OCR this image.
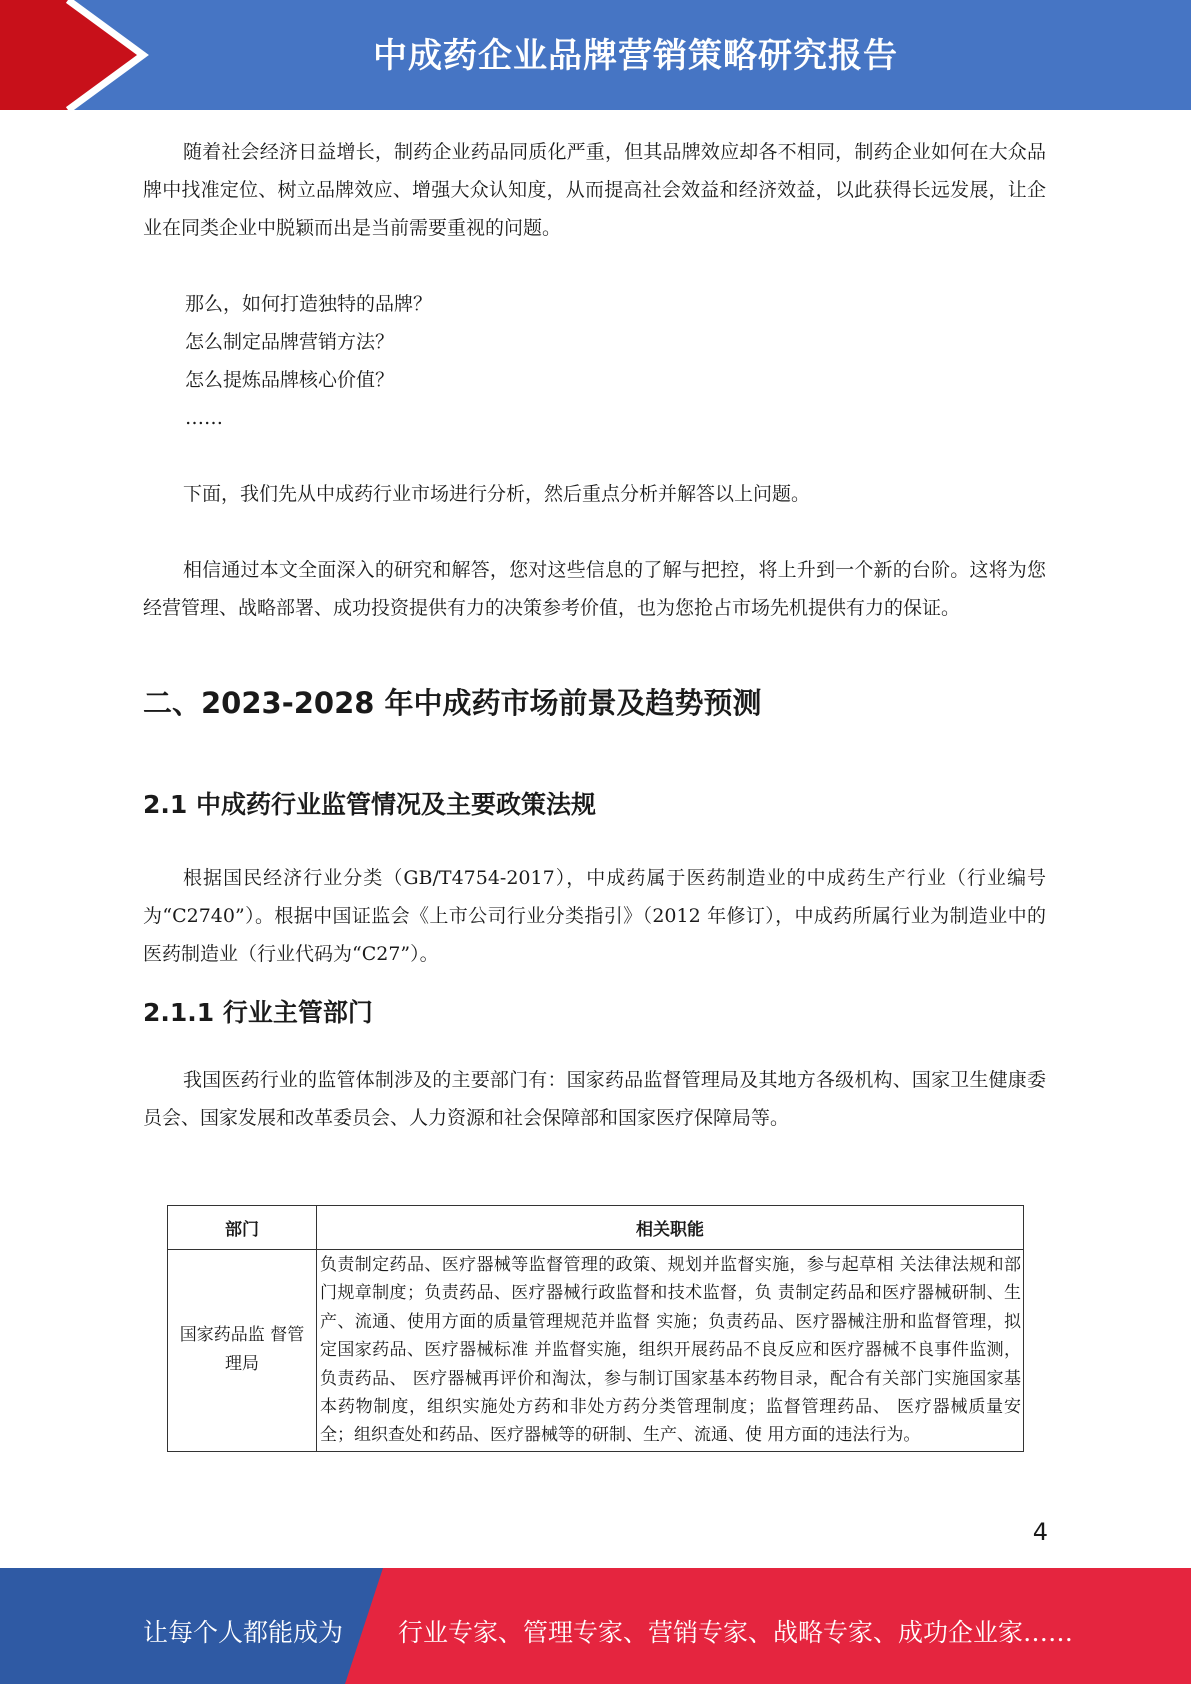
中成药企业品牌营销策略研究报告

随着社会经济日益增长，制药企业药品同质化严重，但其品牌效应却各不相同，制药企业如何在大众品牌中找准定位、树立品牌效应、增强大众认知度，从而提高社会效益和经济效益，以此获得长远发展，让企业在同类企业中脱颖而出是当前需要重视的问题。

那么，如何打造独特的品牌？
怎么制定品牌营销方法？
怎么提炼品牌核心价值？
……

下面，我们先从中成药行业市场进行分析，然后重点分析并解答以上问题。

相信通过本文全面深入的研究和解答，您对这些信息的了解与把控，将上升到一个新的台阶。这将为您经营管理、战略部署、成功投资提供有力的决策参考价值，也为您抢占市场先机提供有力的保证。

二、2023-2028 年中成药市场前景及趋势预测
2.1 中成药行业监管情况及主要政策法规

根据国民经济行业分类（GB/T4754-2017），中成药属于医药制造业的中成药生产行业（行业编号为“C2740”）。根据中国证监会《上市公司行业分类指引》（2012 年修订），中成药所属行业为制造业中的医药制造业（行业代码为“C27”）。

2.1.1 行业主管部门

我国医药行业的监管体制涉及的主要部门有：国家药品监督管理局及其地方各级机构、国家卫生健康委员会、国家发展和改革委员会、人力资源和社会保障部和国家医疗保障局等。

部门	相关职能
国家药品监 督管理局	负责制定药品、医疗器械等监督管理的政策、规划并监督实施，参与起草相 关法律法规和部门规章制度；负责药品、医疗器械行政监督和技术监督，负 责制定药品和医疗器械研制、生产、流通、使用方面的质量管理规范并监督 实施；负责药品、医疗器械注册和监督管理，拟定国家药品、医疗器械标准 并监督实施，组织开展药品不良反应和医疗器械不良事件监测，负责药品、 医疗器械再评价和淘汰，参与制订国家基本药物目录，配合有关部门实施国家基本药物制度，组织实施处方药和非处方药分类管理制度；监督管理药品、 医疗器械质量安全；组织查处和药品、医疗器械等的研制、生产、流通、使 用方面的违法行为。
4
让每个人都能成为 行业专家、管理专家、营销专家、战略专家、成功企业家……
